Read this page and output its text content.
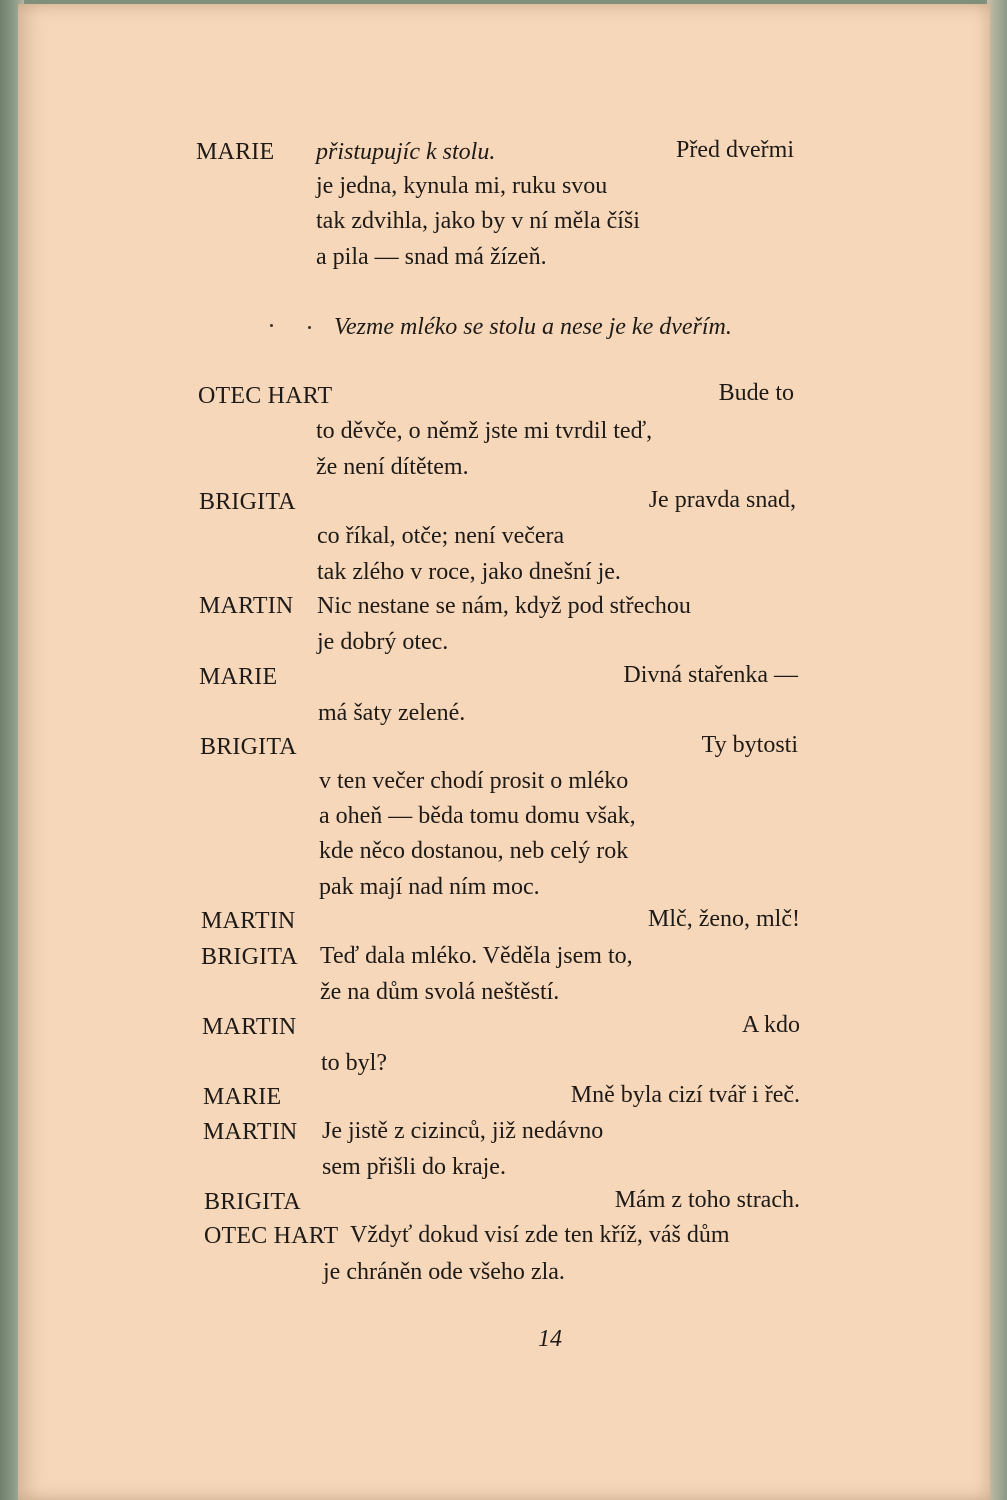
MARIE přistupujíc k stolu.	Před dveřmi
je jedna, kynula mi, ruku svou
tak zdvihla, jako by v ní měla číši
a pila — snad má žízeň.
Vezme mléko se stolu a nese je ke dveřím.
OTEC HART	Bude to
to děvče, o němž jste mi tvrdil teď,
že není dítětem.
BRIGITA	Je pravda snad,
co říkal, otče; není večera
tak zlého v roce, jako dnešní je.
MARTIN Nic nestane se nám, když pod střechou
je dobrý otec.
MARIE	Divná stařenka —
má šaty zelené.
BRIGITA	Ty bytosti
v ten večer chodí prosit o mléko
a oheň — běda tomu domu však,
kde něco dostanou, neb celý rok
pak mají nad ním moc.
MARTIN	Mlč, ženo, mlč!
BRIGITA Teď dala mléko. Věděla jsem to,
že na dům svolá neštěstí.
MARTIN	A kdo
to byl?
MARIE	Mně byla cizí tvář i řeč.
MARTIN Je jistě z cizinců, již nedávno
sem přišli do kraje.
BRIGITA	Mám z toho strach.
OTEC HART Vždyť dokud visí zde ten kříž, váš dům
je chráněn ode všeho zla.
14
